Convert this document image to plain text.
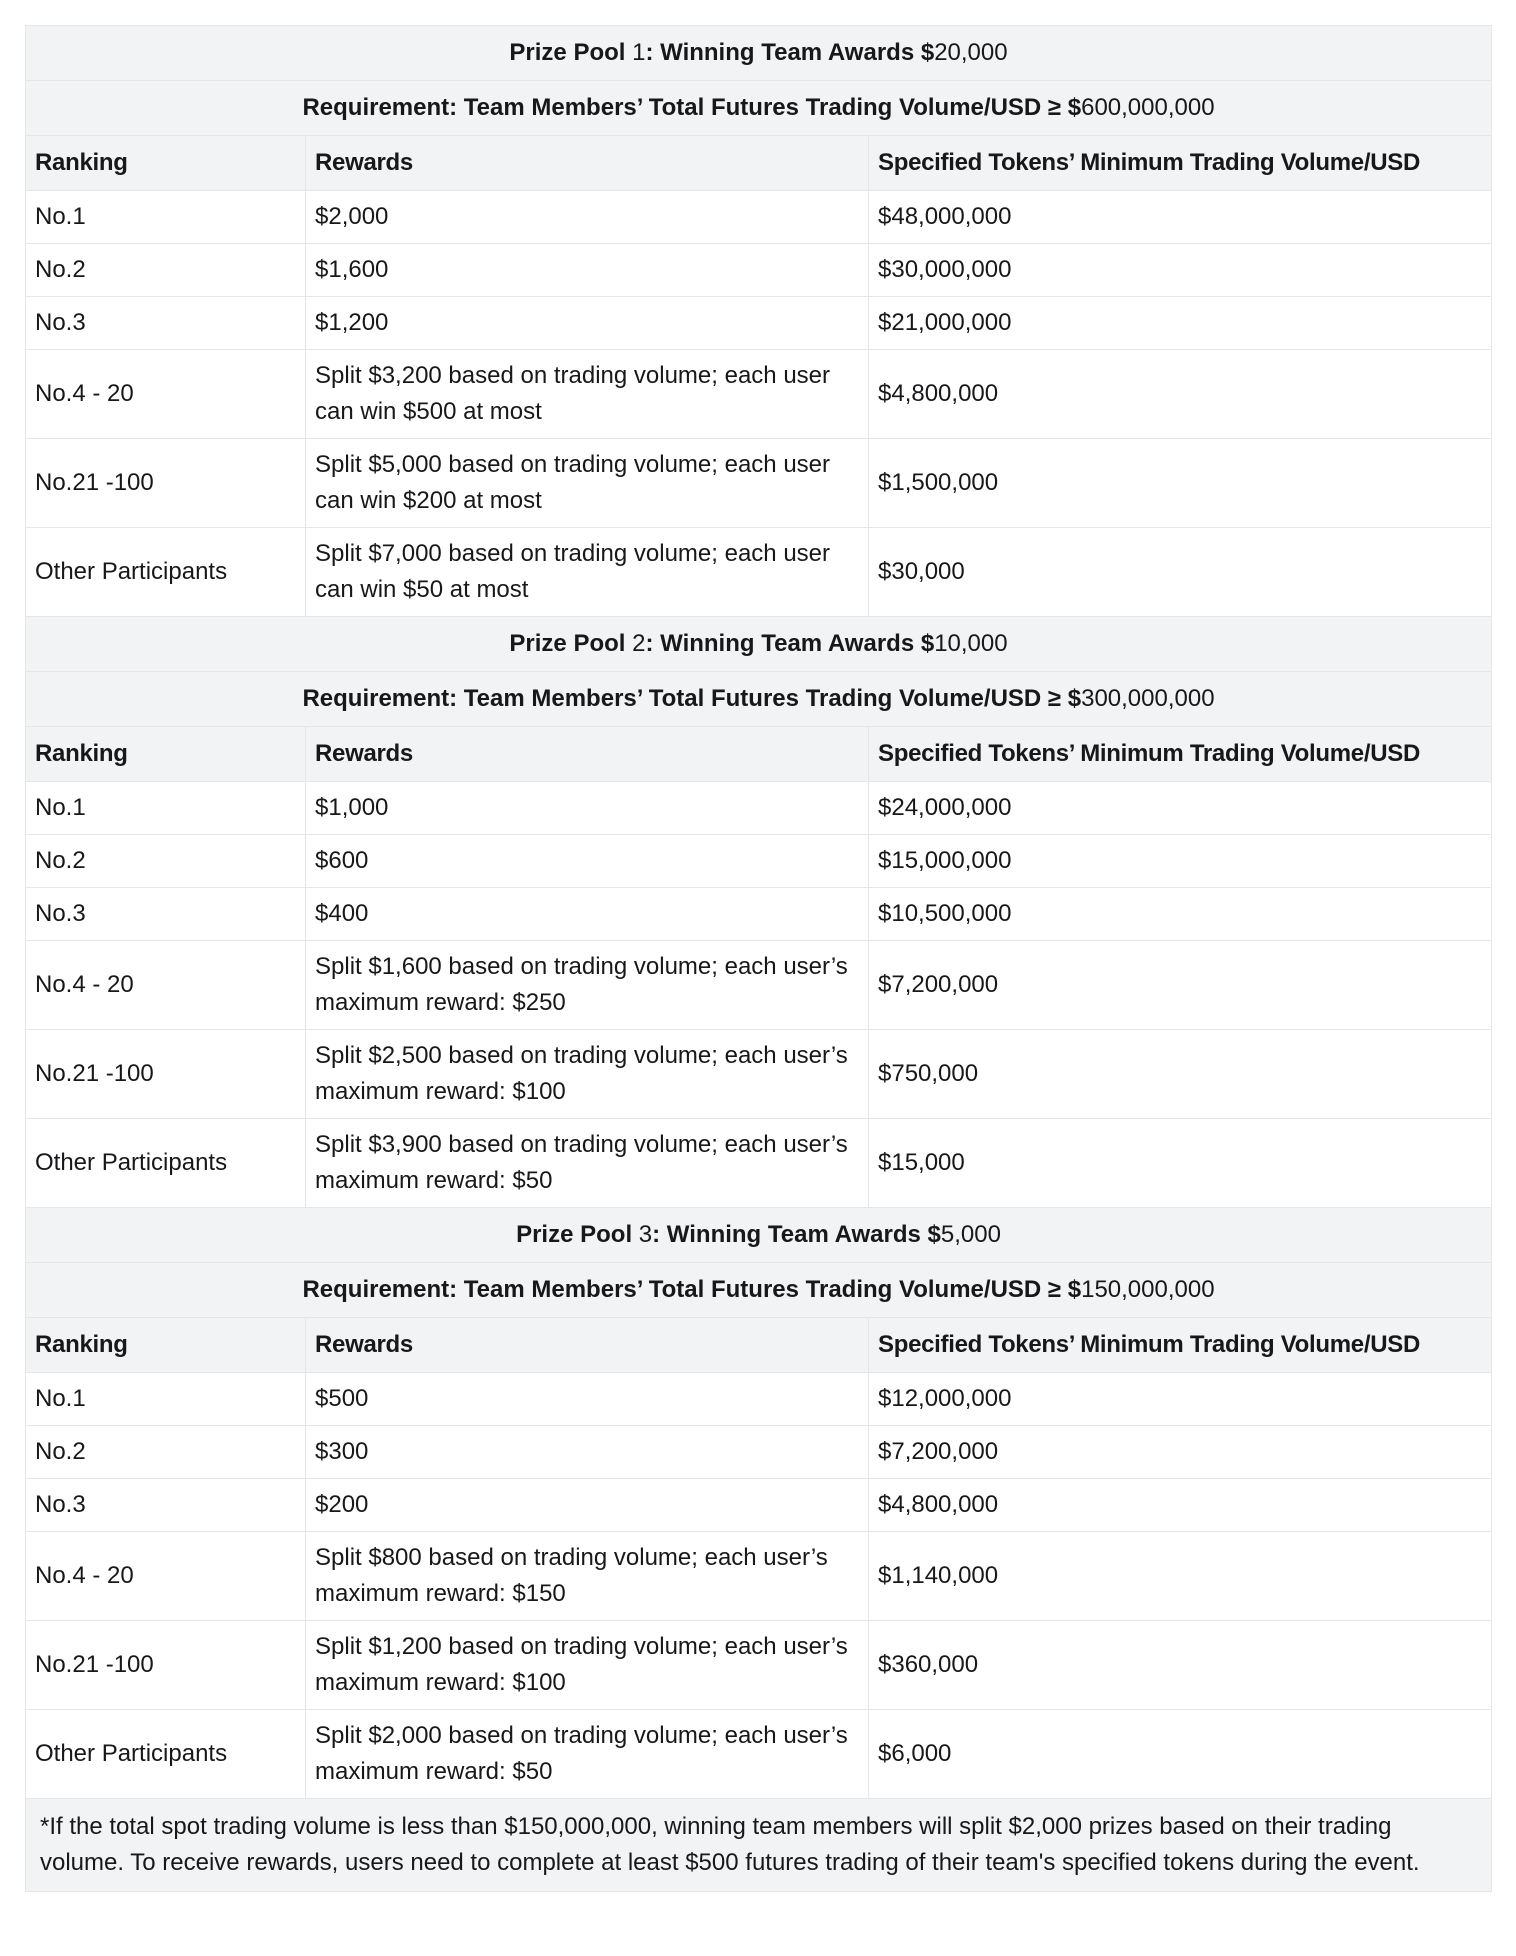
Prize Pool 1: Winning Team Awards $20,000		
Requirement: Team Members’ Total Futures Trading Volume/USD ≥ $600,000,000		
Ranking	Rewards	Specified Tokens’ Minimum Trading Volume/USD
No.1	$2,000	$48,000,000
No.2	$1,600	$30,000,000
No.3	$1,200	$21,000,000
No.4 - 20	Split $3,200 based on trading volume; each user can win $500 at most	$4,800,000
No.21 -100	Split $5,000 based on trading volume; each user can win $200 at most	$1,500,000
Other Participants	Split $7,000 based on trading volume; each user can win $50 at most	$30,000
Prize Pool 2: Winning Team Awards $10,000		
Requirement: Team Members’ Total Futures Trading Volume/USD ≥ $300,000,000		
Ranking	Rewards	Specified Tokens’ Minimum Trading Volume/USD
No.1	$1,000	$24,000,000
No.2	$600	$15,000,000
No.3	$400	$10,500,000
No.4 - 20	Split $1,600 based on trading volume; each user’s maximum reward: $250	$7,200,000
No.21 -100	Split $2,500 based on trading volume; each user’s maximum reward: $100	$750,000
Other Participants	Split $3,900 based on trading volume; each user’s maximum reward: $50	$15,000
Prize Pool 3: Winning Team Awards $5,000		
Requirement: Team Members’ Total Futures Trading Volume/USD ≥ $150,000,000		
Ranking	Rewards	Specified Tokens’ Minimum Trading Volume/USD
No.1	$500	$12,000,000
No.2	$300	$7,200,000
No.3	$200	$4,800,000
No.4 - 20	Split $800 based on trading volume; each user’s maximum reward: $150	$1,140,000
No.21 -100	Split $1,200 based on trading volume; each user’s maximum reward: $100	$360,000
Other Participants	Split $2,000 based on trading volume; each user’s maximum reward: $50	$6,000
*If the total spot trading volume is less than $150,000,000, winning team members will split $2,000 prizes based on their trading volume. To receive rewards, users need to complete at least $500 futures trading of their team's specified tokens during the event.		
